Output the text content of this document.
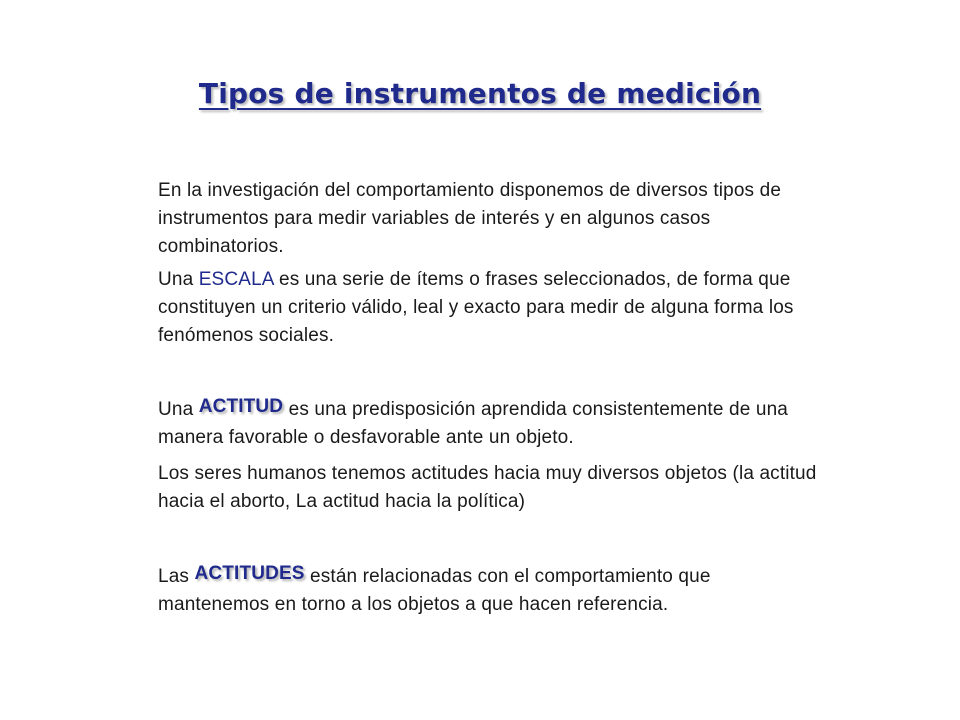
Tipos de instrumentos de medición

En la investigación del comportamiento disponemos de diversos tipos de instrumentos para medir variables de interés y en algunos casos combinatorios.

Una ESCALA es una serie de ítems o frases seleccionados, de forma que constituyen un criterio válido, leal y exacto para medir de alguna forma los fenómenos sociales.

Una ACTITUD es una predisposición aprendida consistentemente de una manera favorable o desfavorable ante un objeto.

Los seres humanos tenemos actitudes hacia muy diversos objetos (la actitud hacia el aborto, La actitud hacia la política)

Las ACTITUDES están relacionadas con el comportamiento que mantenemos en torno a los objetos a que hacen referencia.
